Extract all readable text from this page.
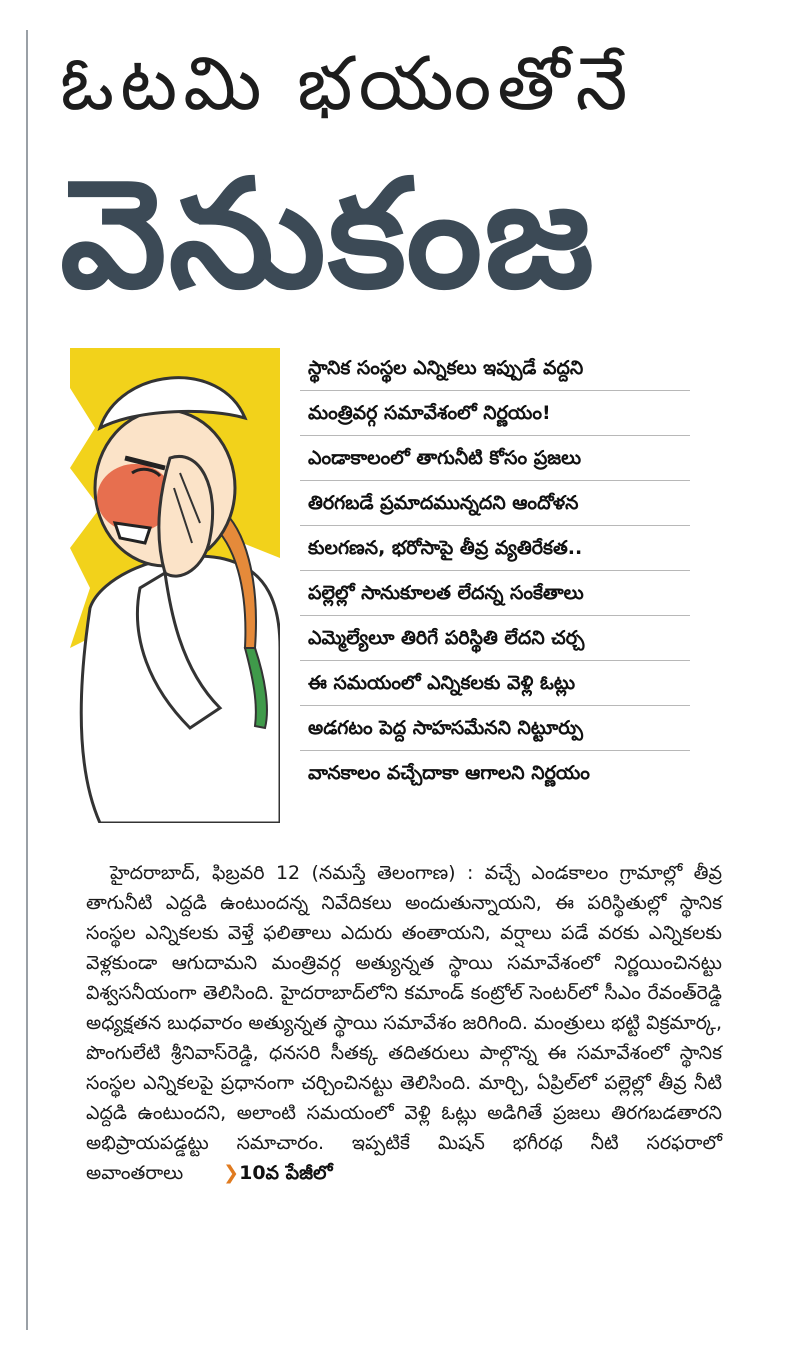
ఓటమి భయంతోనే
వెనుకంజ
స్థానిక సంస్థల ఎన్నికలు ఇప్పుడే వద్దని
మంత్రివర్గ సమావేశంలో నిర్ణయం!
ఎండాకాలంలో తాగునీటి కోసం ప్రజలు
తిరగబడే ప్రమాదమున్నదని ఆందోళన
కులగణన, భరోసాపై తీవ్ర వ్యతిరేకత..
పల్లెల్లో సానుకూలత లేదన్న సంకేతాలు
ఎమ్మెల్యేలూ తిరిగే పరిస్థితి లేదని చర్చ
ఈ సమయంలో ఎన్నికలకు వెళ్లి ఓట్లు
అడగటం పెద్ద సాహసమేనని నిట్టూర్పు
వానకాలం వచ్చేదాకా ఆగాలని నిర్ణయం

హైదరాబాద్, ఫిబ్రవరి 12 (నమస్తే తెలంగాణ) : వచ్చే ఎండకాలం గ్రామాల్లో తీవ్ర తాగునీటి ఎద్దడి ఉంటుందన్న నివేదికలు అందుతున్నాయని, ఈ పరిస్థితుల్లో స్థానిక సంస్థల ఎన్నికలకు వెళ్తే ఫలితాలు ఎదురు తంతాయని, వర్షాలు పడే వరకు ఎన్నికలకు వెళ్లకుండా ఆగుదామని మంత్రివర్గ అత్యున్నత స్థాయి సమావేశంలో నిర్ణయించినట్టు విశ్వసనీయంగా తెలిసింది. హైదరాబాద్‌లోని కమాండ్ కంట్రోల్ సెంటర్‌లో సీఎం రేవంత్‌రెడ్డి అధ్యక్షతన బుధవారం అత్యున్నత స్థాయి సమావేశం జరిగింది. మంత్రులు భట్టి విక్రమార్క, పొంగులేటి శ్రీనివాస్‌రెడ్డి, ధనసరి సీతక్క తదితరులు పాల్గొన్న ఈ సమావేశంలో స్థానిక సంస్థల ఎన్నికలపై ప్రధానంగా చర్చించినట్టు తెలిసింది. మార్చి, ఏప్రిల్‌లో పల్లెల్లో తీవ్ర నీటి ఎద్దడి ఉంటుందని, అలాంటి సమయంలో వెళ్లి ఓట్లు అడిగితే ప్రజలు తిరగబడతారని అభిప్రాయపడ్డట్టు సమాచారం. ఇప్పటికే మిషన్ భగీరథ నీటి సరఫరాలో అవాంతరాలు ❯10వ పేజీలో
